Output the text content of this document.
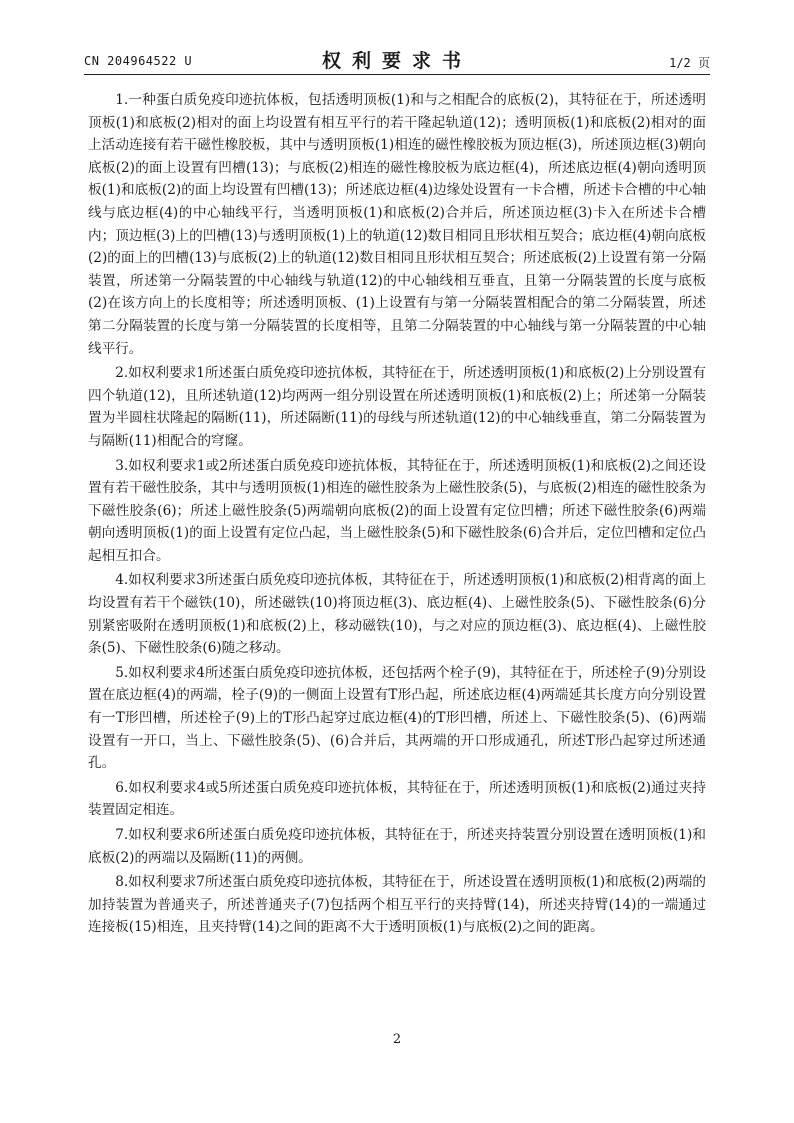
CN 204964522 U	权利要求书	1/2 页

1.一种蛋白质免疫印迹抗体板，包括透明顶板(1)和与之相配合的底板(2)，其特征在于，所述透明顶板(1)和底板(2)相对的面上均设置有相互平行的若干隆起轨道(12)；透明顶板(1)和底板(2)相对的面上活动连接有若干磁性橡胶板，其中与透明顶板(1)相连的磁性橡胶板为顶边框(3)，所述顶边框(3)朝向底板(2)的面上设置有凹槽(13)；与底板(2)相连的磁性橡胶板为底边框(4)，所述底边框(4)朝向透明顶板(1)和底板(2)的面上均设置有凹槽(13)；所述底边框(4)边缘处设置有一卡合槽，所述卡合槽的中心轴线与底边框(4)的中心轴线平行，当透明顶板(1)和底板(2)合并后，所述顶边框(3)卡入在所述卡合槽内；顶边框(3)上的凹槽(13)与透明顶板(1)上的轨道(12)数目相同且形状相互契合；底边框(4)朝向底板(2)的面上的凹槽(13)与底板(2)上的轨道(12)数目相同且形状相互契合；所述底板(2)上设置有第一分隔装置，所述第一分隔装置的中心轴线与轨道(12)的中心轴线相互垂直，且第一分隔装置的长度与底板(2)在该方向上的长度相等；所述透明顶板、(1)上设置有与第一分隔装置相配合的第二分隔装置，所述第二分隔装置的长度与第一分隔装置的长度相等，且第二分隔装置的中心轴线与第一分隔装置的中心轴线平行。

2.如权利要求1所述蛋白质免疫印迹抗体板，其特征在于，所述透明顶板(1)和底板(2)上分别设置有四个轨道(12)，且所述轨道(12)均两两一组分别设置在所述透明顶板(1)和底板(2)上；所述第一分隔装置为半圆柱状隆起的隔断(11)，所述隔断(11)的母线与所述轨道(12)的中心轴线垂直，第二分隔装置为与隔断(11)相配合的穹窿。

3.如权利要求1或2所述蛋白质免疫印迹抗体板，其特征在于，所述透明顶板(1)和底板(2)之间还设置有若干磁性胶条，其中与透明顶板(1)相连的磁性胶条为上磁性胶条(5)，与底板(2)相连的磁性胶条为下磁性胶条(6)；所述上磁性胶条(5)两端朝向底板(2)的面上设置有定位凹槽；所述下磁性胶条(6)两端朝向透明顶板(1)的面上设置有定位凸起，当上磁性胶条(5)和下磁性胶条(6)合并后，定位凹槽和定位凸起相互扣合。

4.如权利要求3所述蛋白质免疫印迹抗体板，其特征在于，所述透明顶板(1)和底板(2)相背离的面上均设置有若干个磁铁(10)，所述磁铁(10)将顶边框(3)、底边框(4)、上磁性胶条(5)、下磁性胶条(6)分别紧密吸附在透明顶板(1)和底板(2)上，移动磁铁(10)，与之对应的顶边框(3)、底边框(4)、上磁性胶条(5)、下磁性胶条(6)随之移动。

5.如权利要求4所述蛋白质免疫印迹抗体板，还包括两个栓子(9)，其特征在于，所述栓子(9)分别设置在底边框(4)的两端，栓子(9)的一侧面上设置有T形凸起，所述底边框(4)两端延其长度方向分别设置有一T形凹槽，所述栓子(9)上的T形凸起穿过底边框(4)的T形凹槽，所述上、下磁性胶条(5)、(6)两端设置有一开口，当上、下磁性胶条(5)、(6)合并后，其两端的开口形成通孔，所述T形凸起穿过所述通孔。

6.如权利要求4或5所述蛋白质免疫印迹抗体板，其特征在于，所述透明顶板(1)和底板(2)通过夹持装置固定相连。

7.如权利要求6所述蛋白质免疫印迹抗体板，其特征在于，所述夹持装置分别设置在透明顶板(1)和底板(2)的两端以及隔断(11)的两侧。

8.如权利要求7所述蛋白质免疫印迹抗体板，其特征在于，所述设置在透明顶板(1)和底板(2)两端的加持装置为普通夹子，所述普通夹子(7)包括两个相互平行的夹持臂(14)，所述夹持臂(14)的一端通过连接板(15)相连，且夹持臂(14)之间的距离不大于透明顶板(1)与底板(2)之间的距离。

2
